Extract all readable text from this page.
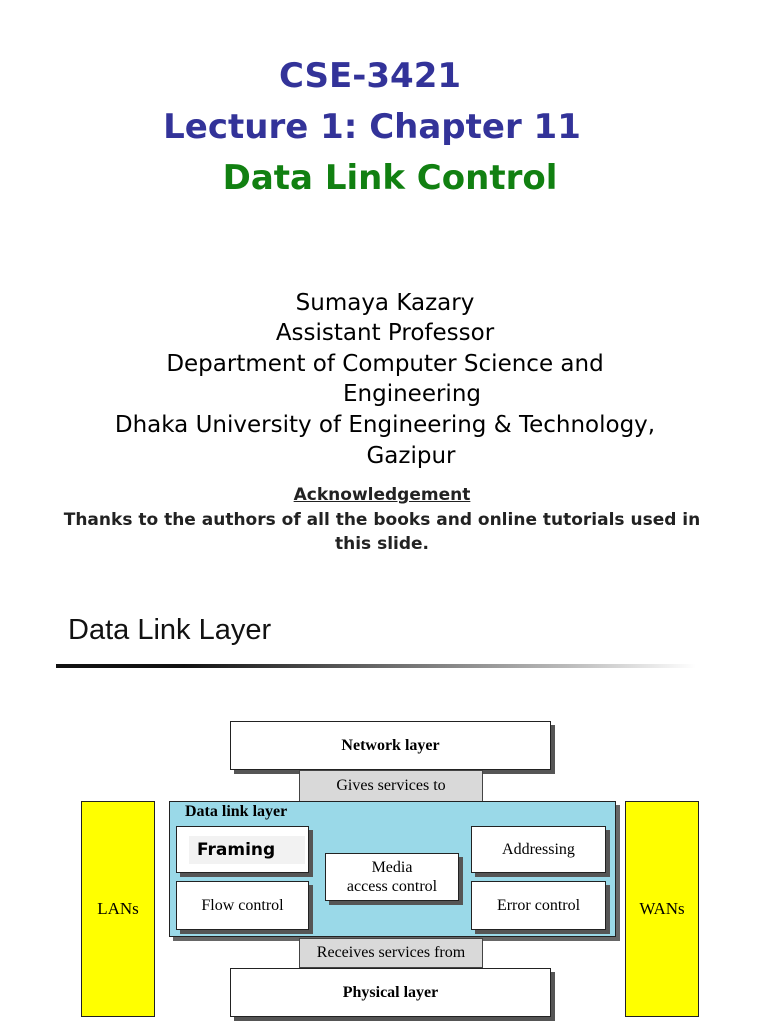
CSE-3421
Lecture 1: Chapter 11
Data Link Control
Sumaya Kazary
Assistant Professor
Department of Computer Science and
Engineering
Dhaka University of Engineering & Technology,
Gazipur
Acknowledgement
Thanks to the authors of all the books and online tutorials used in
this slide.
Data Link Layer
LANs	WANs
Network layer
Gives services to
Data link layer
Framing
Flow control
Media
access control
Addressing
Error control
Receives services from
Physical layer
